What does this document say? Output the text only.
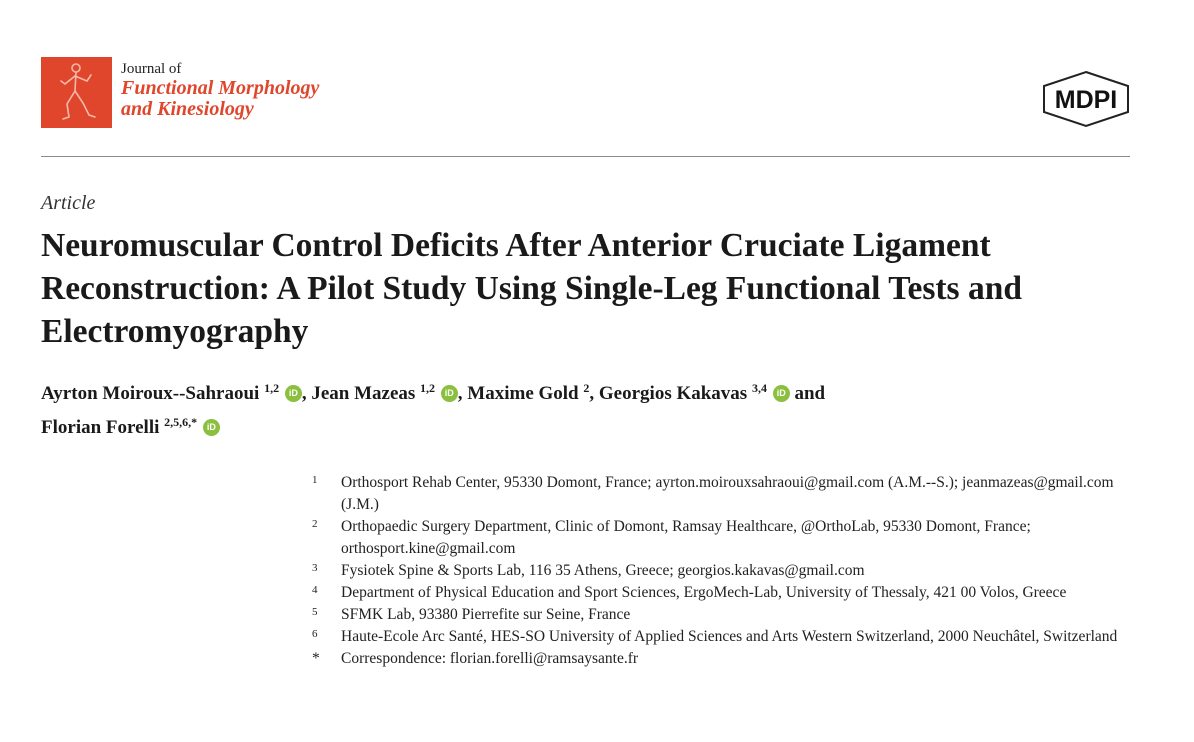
Journal of
Functional Morphology
and Kinesiology	MDPI
Article
Neuromuscular Control Deficits After Anterior Cruciate Ligament Reconstruction: A Pilot Study Using Single-Leg Functional Tests and Electromyography
Ayrton Moiroux--Sahraoui $^{1,2}$ iD , Jean Mazeas $^{1,2}$ iD , Maxime Gold $^2$, Georgios Kakavas $^{3,4}$ iD and
Florian Forelli $^{2,5,6,*}$ iD
1	Orthosport Rehab Center, 95330 Domont, France; ayrton.moirouxsahraoui@gmail.com (A.M.--S.); jeanmazeas@gmail.com (J.M.)
2	Orthopaedic Surgery Department, Clinic of Domont, Ramsay Healthcare, @OrthoLab, 95330 Domont, France; orthosport.kine@gmail.com
3	Fysiotek Spine & Sports Lab, 116 35 Athens, Greece; georgios.kakavas@gmail.com
4	Department of Physical Education and Sport Sciences, ErgoMech-Lab, University of Thessaly, 421 00 Volos, Greece
5	SFMK Lab, 93380 Pierrefite sur Seine, France
6	Haute-Ecole Arc Santé, HES-SO University of Applied Sciences and Arts Western Switzerland, 2000 Neuchâtel, Switzerland
*	Correspondence: florian.forelli@ramsaysante.fr
